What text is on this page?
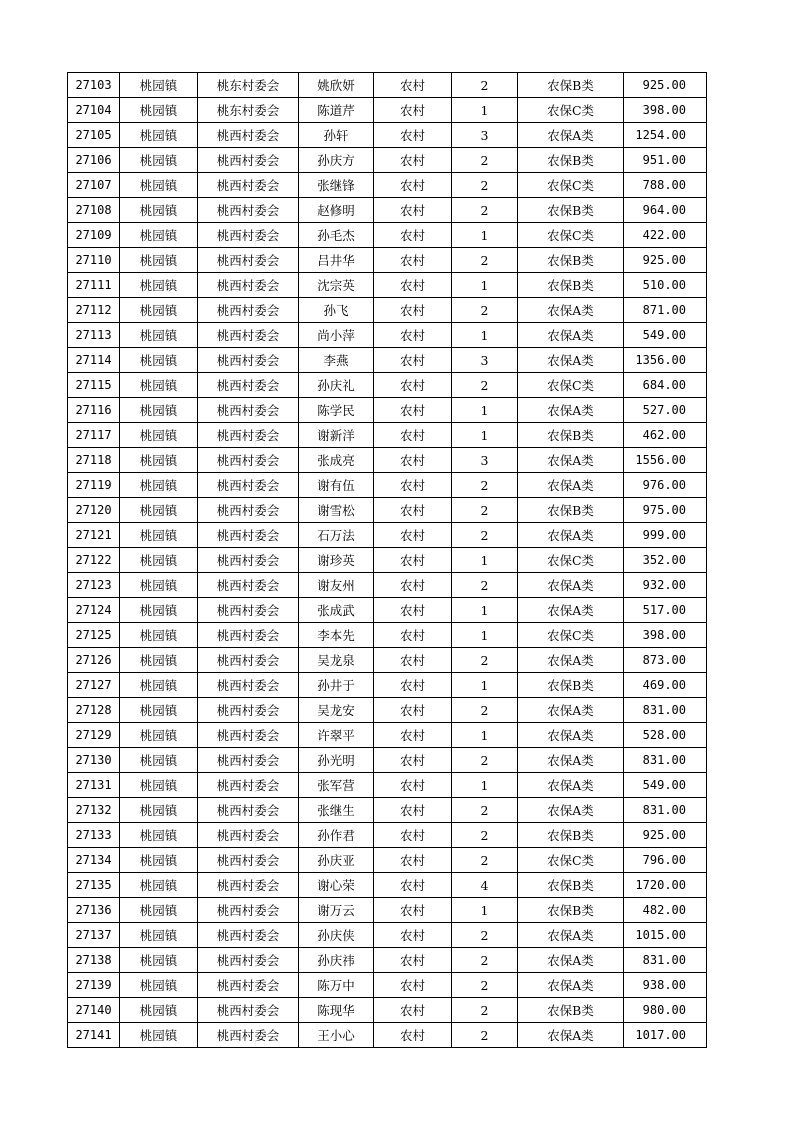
27103	桃园镇	桃东村委会	姚欣妍	农村	2	农保B类	925.00
27104	桃园镇	桃东村委会	陈道芹	农村	1	农保C类	398.00
27105	桃园镇	桃西村委会	孙轩	农村	3	农保A类	1254.00
27106	桃园镇	桃西村委会	孙庆方	农村	2	农保B类	951.00
27107	桃园镇	桃西村委会	张继锋	农村	2	农保C类	788.00
27108	桃园镇	桃西村委会	赵修明	农村	2	农保B类	964.00
27109	桃园镇	桃西村委会	孙毛杰	农村	1	农保C类	422.00
27110	桃园镇	桃西村委会	吕井华	农村	2	农保B类	925.00
27111	桃园镇	桃西村委会	沈宗英	农村	1	农保B类	510.00
27112	桃园镇	桃西村委会	孙飞	农村	2	农保A类	871.00
27113	桃园镇	桃西村委会	尚小萍	农村	1	农保A类	549.00
27114	桃园镇	桃西村委会	李燕	农村	3	农保A类	1356.00
27115	桃园镇	桃西村委会	孙庆礼	农村	2	农保C类	684.00
27116	桃园镇	桃西村委会	陈学民	农村	1	农保A类	527.00
27117	桃园镇	桃西村委会	谢新洋	农村	1	农保B类	462.00
27118	桃园镇	桃西村委会	张成亮	农村	3	农保A类	1556.00
27119	桃园镇	桃西村委会	谢有伍	农村	2	农保A类	976.00
27120	桃园镇	桃西村委会	谢雪松	农村	2	农保B类	975.00
27121	桃园镇	桃西村委会	石万法	农村	2	农保A类	999.00
27122	桃园镇	桃西村委会	谢珍英	农村	1	农保C类	352.00
27123	桃园镇	桃西村委会	谢友州	农村	2	农保A类	932.00
27124	桃园镇	桃西村委会	张成武	农村	1	农保A类	517.00
27125	桃园镇	桃西村委会	李本先	农村	1	农保C类	398.00
27126	桃园镇	桃西村委会	吴龙泉	农村	2	农保A类	873.00
27127	桃园镇	桃西村委会	孙井于	农村	1	农保B类	469.00
27128	桃园镇	桃西村委会	吴龙安	农村	2	农保A类	831.00
27129	桃园镇	桃西村委会	许翠平	农村	1	农保A类	528.00
27130	桃园镇	桃西村委会	孙光明	农村	2	农保A类	831.00
27131	桃园镇	桃西村委会	张军营	农村	1	农保A类	549.00
27132	桃园镇	桃西村委会	张继生	农村	2	农保A类	831.00
27133	桃园镇	桃西村委会	孙作君	农村	2	农保B类	925.00
27134	桃园镇	桃西村委会	孙庆亚	农村	2	农保C类	796.00
27135	桃园镇	桃西村委会	谢心荣	农村	4	农保B类	1720.00
27136	桃园镇	桃西村委会	谢万云	农村	1	农保B类	482.00
27137	桃园镇	桃西村委会	孙庆侠	农村	2	农保A类	1015.00
27138	桃园镇	桃西村委会	孙庆祎	农村	2	农保A类	831.00
27139	桃园镇	桃西村委会	陈万中	农村	2	农保A类	938.00
27140	桃园镇	桃西村委会	陈现华	农村	2	农保B类	980.00
27141	桃园镇	桃西村委会	王小心	农村	2	农保A类	1017.00
